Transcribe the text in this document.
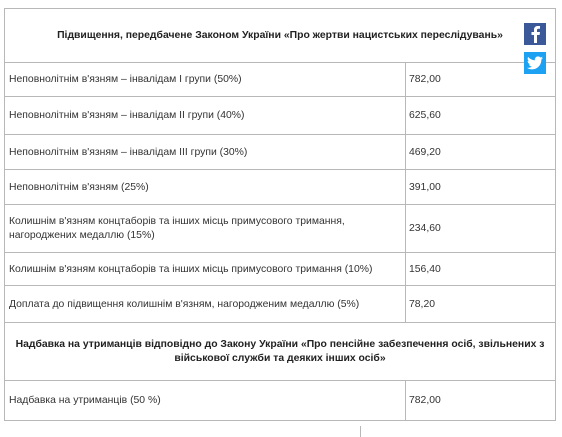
Підвищення, передбачене Законом України «Про жертви нацистських переслідувань»	
Неповнолітнім в'язням – інвалідам І групи (50%)	782,00
Неповнолітнім в'язням – інвалідам ІІ групи (40%)	625,60
Неповнолітнім в'язням – інвалідам ІІІ групи (30%)	469,20
Неповнолітнім в'язням (25%)	391,00
Колишнім в'язням концтаборів та інших місць примусового тримання, нагороджених медаллю (15%)	234,60
Колишнім в'язням концтаборів та інших місць примусового тримання (10%)	156,40
Доплата до підвищення колишнім в'язням, нагородженим медаллю (5%)	78,20
Надбавка на утриманців відповідно до Закону України «Про пенсійне забезпечення осіб, звільнених з військової служби та деяких інших осіб»	
Надбавка на утриманців (50 %)	782,00
